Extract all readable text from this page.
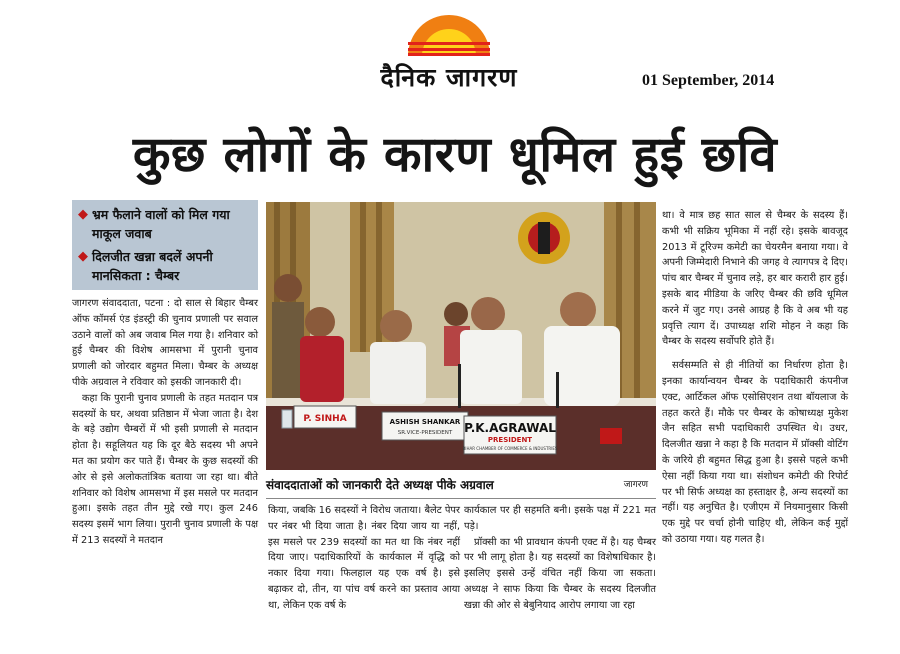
दैनिक जागरण	01 September, 2014
कुछ लोगों के कारण धूमिल हुई छवि
◆ भ्रम फैलाने वालों को मिल गया माकूल जवाब
◆ दिलजीत खन्ना बदलें अपनी मानसिकता : चैम्बर

जागरण संवाददाता, पटना : दो साल से बिहार चैम्बर ऑफ कॉमर्स एंड इंडस्ट्री की चुनाव प्रणाली पर सवाल उठाने वालों को अब जवाब मिल गया है। शनिवार को हुई चैम्बर की विशेष आमसभा में पुरानी चुनाव प्रणाली को जोरदार बहुमत मिला। चैम्बर के अध्यक्ष पीके अग्रवाल ने रविवार को इसकी जानकारी दी।

कहा कि पुरानी चुनाव प्रणाली के तहत मतदान पत्र सदस्यों के घर, अथवा प्रतिष्ठान में भेजा जाता है। देश के बड़े उद्योग चैम्बरों में भी इसी प्रणाली से मतदान होता है। सहूलियत यह कि दूर बैठे सदस्य भी अपने मत का प्रयोग कर पाते हैं। चैम्बर के कुछ सदस्यों की ओर से इसे अलोकतांत्रिक बताया जा रहा था। बीते शनिवार को विशेष आमसभा में इस मसले पर मतदान हुआ। इसके तहत तीन मुद्दे रखे गए। कुल 246 सदस्य इसमें भाग लिया। पुरानी चुनाव प्रणाली के पक्ष में 213 सदस्यों ने मतदान

P. SINHA	ASHISH SHANKAR
SR.VICE-PRESIDENT P.K.AGRAWAL
PRESIDENT
BIHAR CHAMBER OF COMMERCE & INDUSTRIES
संवाददाताओं को जानकारी देते अध्यक्ष पीके अग्रवाल	जागरण

किया, जबकि 16 सदस्यों ने विरोध जताया। बैलेट पेपर पर नंबर भी दिया जाता है। नंबर दिया जाय या नहीं, इस मसले पर 239 सदस्यों का मत था कि नंबर नहीं दिया जाए। पदाधिकारियों के कार्यकाल में वृद्धि को नकार दिया गया। फिलहाल यह एक वर्ष है। इसे बढ़ाकर दो, तीन, या पांच वर्ष करने का प्रस्ताव आया था, लेकिन एक वर्ष के

कार्यकाल पर ही सहमति बनी। इसके पक्ष में 221 मत पड़े।

प्रॉक्सी का भी प्रावधान कंपनी एक्ट में है। यह चैम्बर पर भी लागू होता है। यह सदस्यों का विशेषाधिकार है। इसलिए इससे उन्हें वंचित नहीं किया जा सकता। अध्यक्ष ने साफ किया कि चैम्बर के सदस्य दिलजीत खन्ना की ओर से बेबुनियाद आरोप लगाया जा रहा

था। वे मात्र छह सात साल से चैम्बर के सदस्य हैं। कभी भी सक्रिय भूमिका में नहीं रहे। इसके बावजूद 2013 में टूरिज्म कमेटी का चेयरमैन बनाया गया। वे अपनी जिम्मेदारी निभाने की जगह वे त्यागपत्र दे दिए। पांच बार चैम्बर में चुनाव लड़े, हर बार करारी हार हुई। इसके बाद मीडिया के जरिए चैम्बर की छवि धूमिल करने में जुट गए। उनसे आग्रह है कि वे अब भी यह प्रवृत्ति त्याग दें। उपाध्यक्ष शशि मोहन ने कहा कि चैम्बर के सदस्य सर्वोपरि होते हैं।

सर्वसम्मति से ही नीतियों का निर्धारण होता है। इनका कार्यान्वयन चैम्बर के पदाधिकारी कंपनीज एक्ट, आर्टिकल ऑफ एसोसिएशन तथा बॉयलाज के तहत करते हैं। मौके पर चैम्बर के कोषाध्यक्ष मुकेश जैन सहित सभी पदाधिकारी उपस्थित थे। उधर, दिलजीत खन्ना ने कहा है कि मतदान में प्रॉक्सी वोटिंग के जरिये ही बहुमत सिद्ध हुआ है। इससे पहले कभी ऐसा नहीं किया गया था। संशोधन कमेटी की रिपोर्ट पर भी सिर्फ अध्यक्ष का हस्ताक्षर है, अन्य सदस्यों का नहीं। यह अनुचित है। एजीएम में नियमानुसार किसी एक मुद्दे पर चर्चा होनी चाहिए थी, लेकिन कई मुद्दों को उठाया गया। यह गलत है।
